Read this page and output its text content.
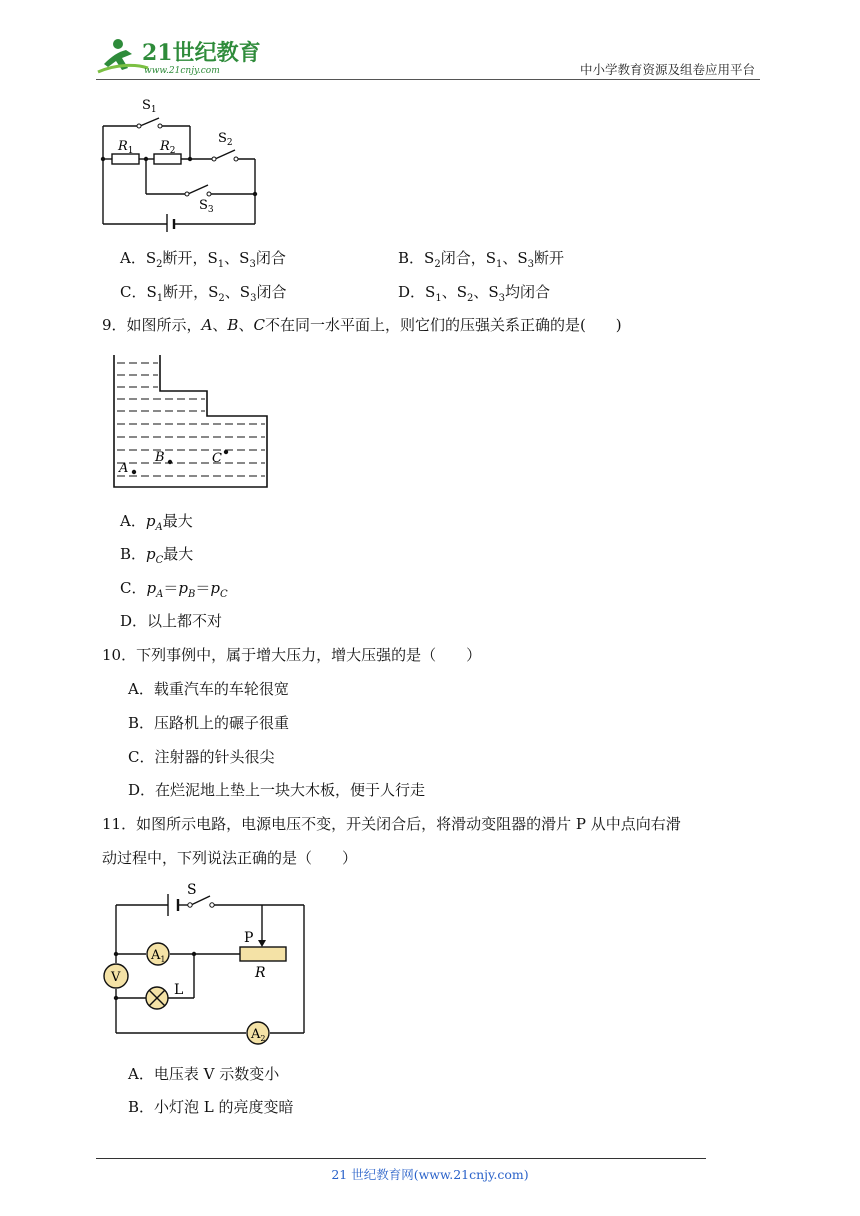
21世纪教育
www.21cnjy.com	中小学教育资源及组卷应用平台
$S_1$
$R_1$ $R_2$
$S_2$
$S_3$
A．$S_2$断开，$S_1$、$S_3$闭合	B．$S_2$闭合，$S_1$、$S_3$断开
C．$S_1$断开，$S_2$、$S_3$闭合	D．$S_1$、$S_2$、$S_3$均闭合
9．如图所示，A、B、C不在同一水平面上，则它们的压强关系正确的是(　　)
A
B	C
A．$p_A$最大
B．$p_C$最大
C．$p_A=p_B=p_C$
D．以上都不对
10．下列事例中，属于增大压力，增大压强的是（　　）
A．载重汽车的车轮很宽
B．压路机上的碾子很重
C．注射器的针头很尖
D．在烂泥地上垫上一块大木板，便于人行走
11．如图所示电路，电源电压不变，开关闭合后，将滑动变阻器的滑片 P 从中点向右滑
动过程中，下列说法正确的是（　　）
S
P
R
$A_1$
V
L
$A_2$
A．电压表 V 示数变小
B．小灯泡 L 的亮度变暗
21 世纪教育网(www.21cnjy.com)
